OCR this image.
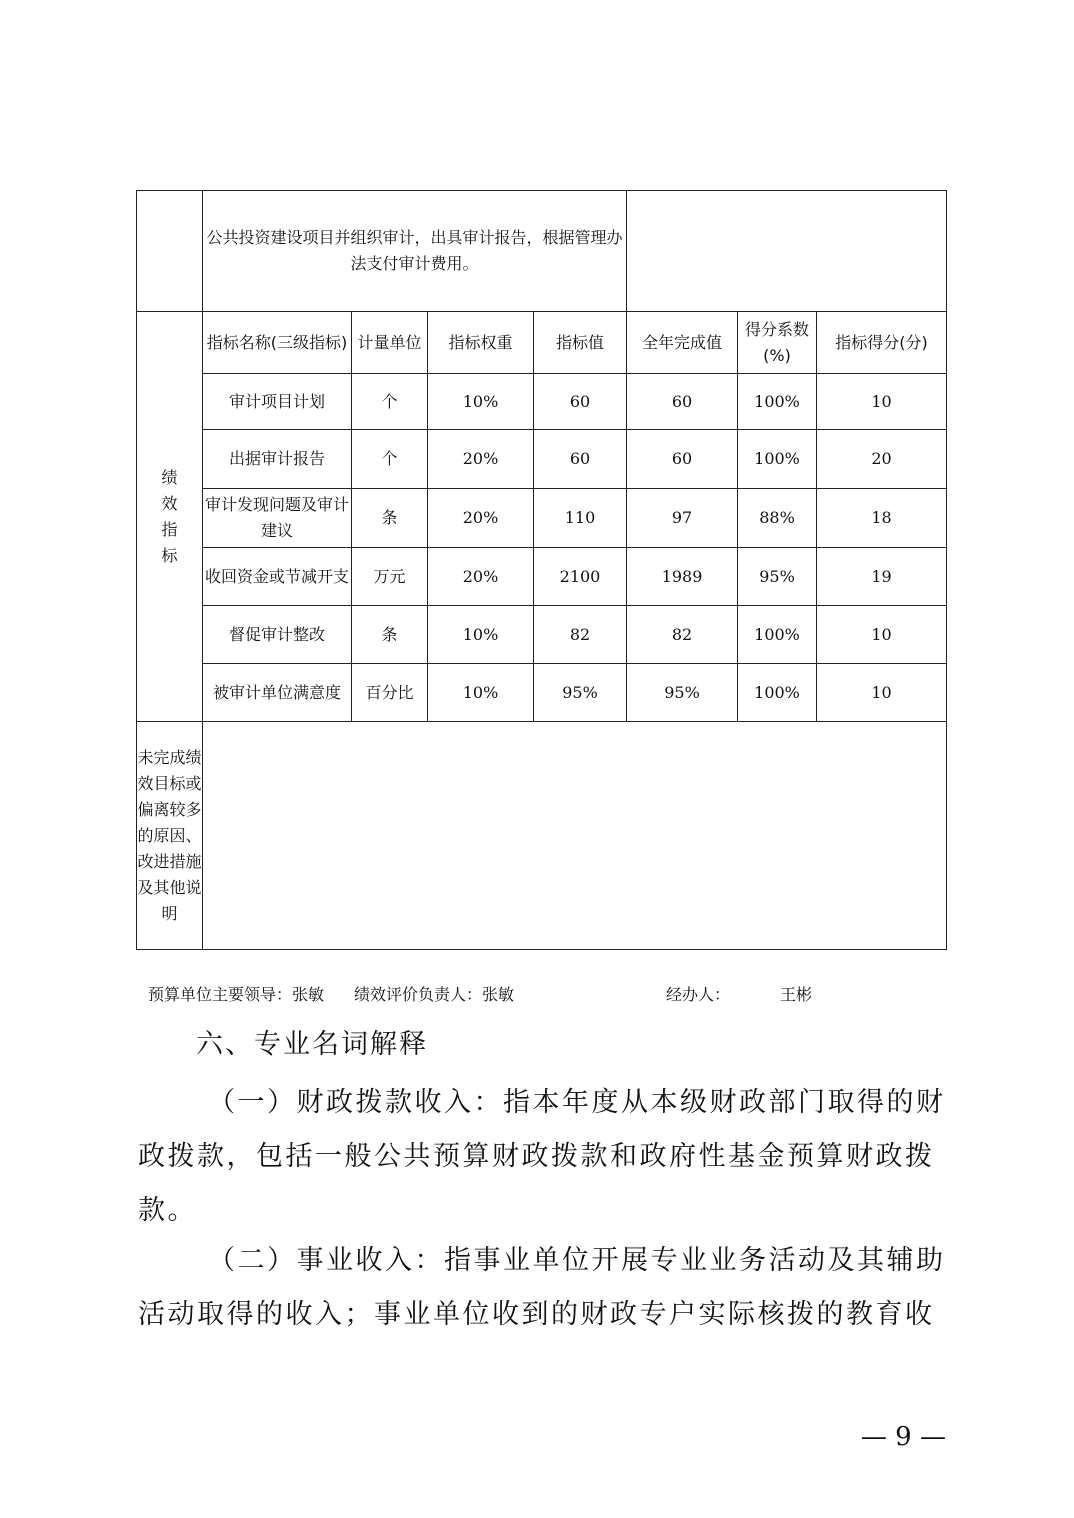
	公共投资建设项目并组织审计，出具审计报告，根据管理办法支付审计费用。						
绩效指标	指标名称(三级指标)	计量单位	指标权重	指标值	全年完成值	得分系数(%)	指标得分(分)
	审计项目计划	个	10%	60	60	100%	10
	出据审计报告	个	20%	60	60	100%	20
	审计发现问题及审计建议	条	20%	110	97	88%	18
	收回资金或节减开支	万元	20%	2100	1989	95%	19
	督促审计整改	条	10%	82	82	100%	10
	被审计单位满意度	百分比	10%	95%	95%	100%	10
未完成绩效目标或偏离较多的原因、改进措施及其他说明							
预算单位主要领导：张敏 绩效评价负责人：张敏	经办人：	王彬
六、专业名词解释
（一）财政拨款收入：指本年度从本级财政部门取得的财政拨款，包括一般公共预算财政拨款和政府性基金预算财政拨款。
（二）事业收入：指事业单位开展专业业务活动及其辅助活动取得的收入；事业单位收到的财政专户实际核拨的教育收
— 9 —
